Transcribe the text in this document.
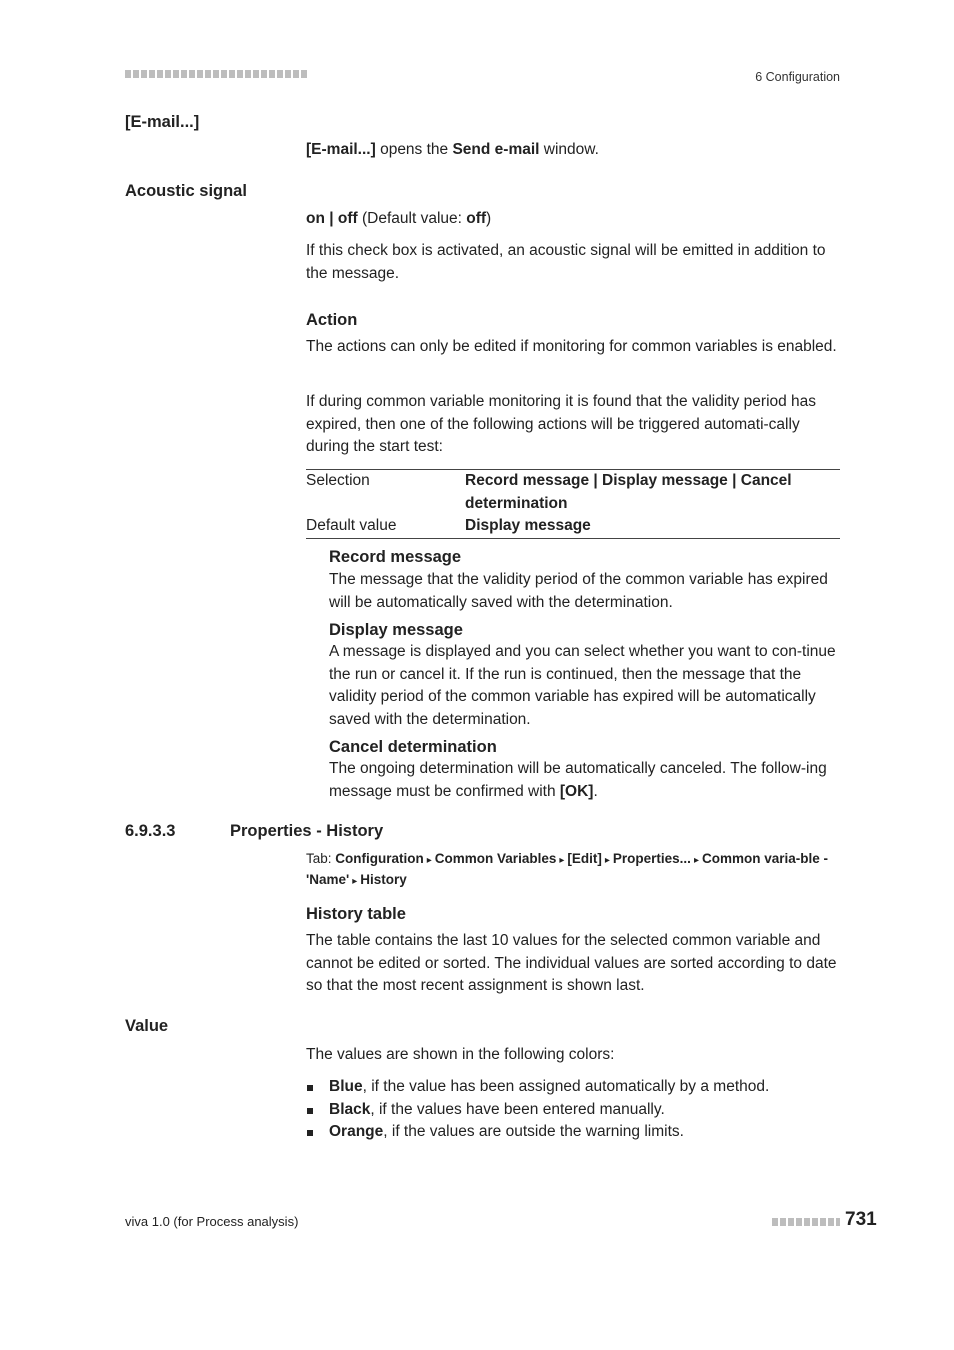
6 Configuration
[E-mail...]
[E-mail...] opens the Send e-mail window.
Acoustic signal
on | off (Default value: off)
If this check box is activated, an acoustic signal will be emitted in addition to the message.
Action
The actions can only be edited if monitoring for common variables is enabled.
If during common variable monitoring it is found that the validity period has expired, then one of the following actions will be triggered automati-cally during the start test:
Selection	Record message | Display message | Cancel determination
Default value	Display message
Record message
The message that the validity period of the common variable has expired will be automatically saved with the determination.
Display message
A message is displayed and you can select whether you want to con-tinue the run or cancel it. If the run is continued, then the message that the validity period of the common variable has expired will be automatically saved with the determination.
Cancel determination
The ongoing determination will be automatically canceled. The follow-ing message must be confirmed with [OK].
6.9.3.3	Properties - History
Tab: Configuration ▸ Common Variables ▸ [Edit] ▸ Properties... ▸ Common varia-ble - 'Name' ▸ History
History table
The table contains the last 10 values for the selected common variable and cannot be edited or sorted. The individual values are sorted according to date so that the most recent assignment is shown last.
Value
The values are shown in the following colors:
Blue, if the value has been assigned automatically by a method.
Black, if the values have been entered manually.
Orange, if the values are outside the warning limits.
viva 1.0 (for Process analysis)	731
